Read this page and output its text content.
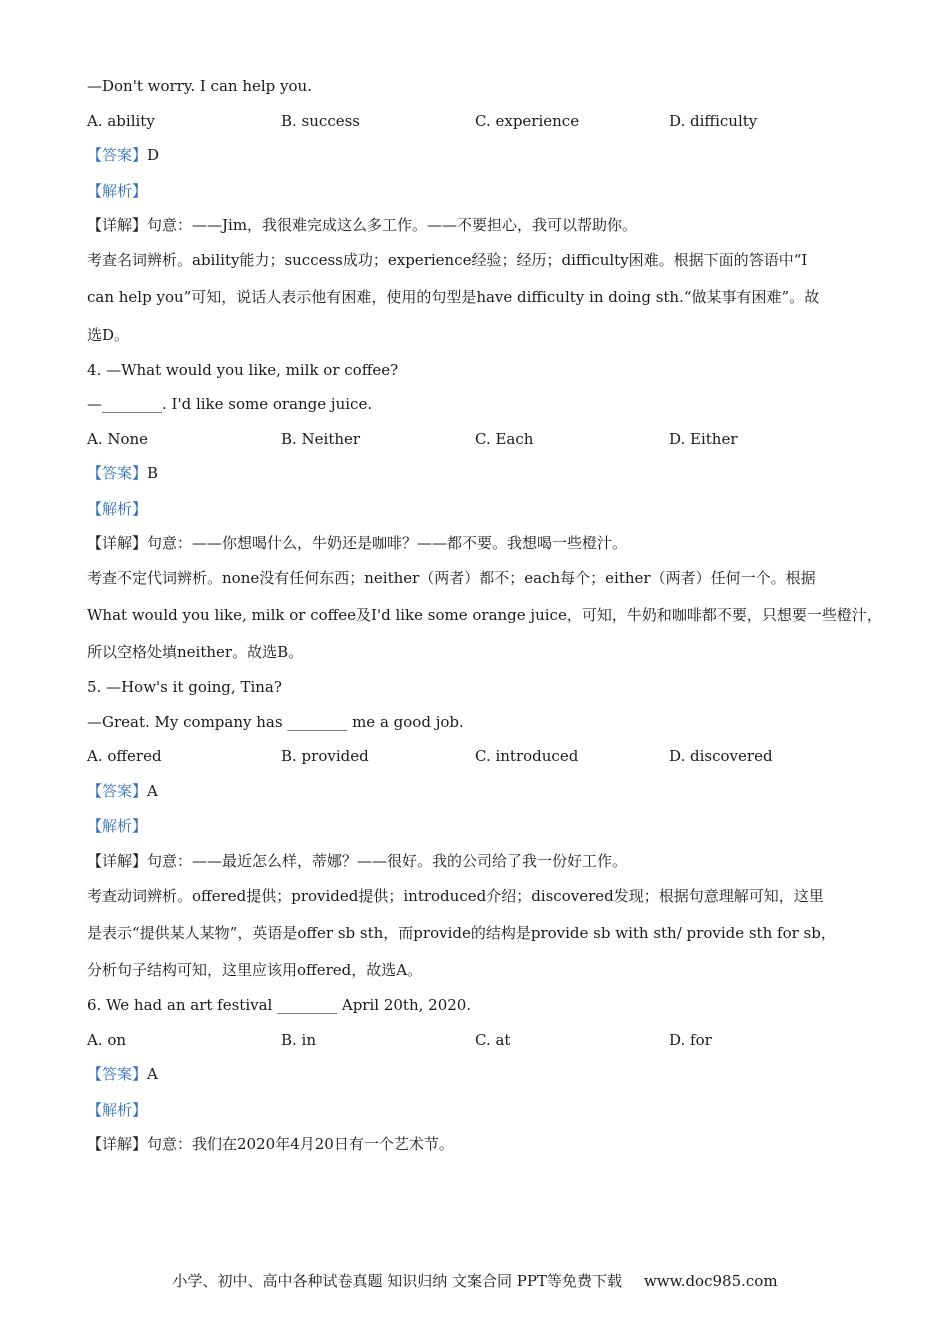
—Don't worry. I can help you.
A. ability	B. success	C. experience	D. difficulty
【答案】D
【解析】
【详解】句意：——Jim，我很难完成这么多工作。——不要担心，我可以帮助你。
考查名词辨析。ability能力；success成功；experience经验；经历；difficulty困难。根据下面的答语中“I
can help you”可知，说话人表示他有困难，使用的句型是have difficulty in doing sth.“做某事有困难”。故
选D。
4. —What would you like, milk or coffee?
—________. I'd like some orange juice.
A. None	B. Neither	C. Each	D. Either
【答案】B
【解析】
【详解】句意：——你想喝什么，牛奶还是咖啡？——都不要。我想喝一些橙汁。
考查不定代词辨析。none没有任何东西；neither（两者）都不；each每个；either（两者）任何一个。根据
What would you like, milk or coffee及I'd like some orange juice，可知，牛奶和咖啡都不要，只想要一些橙汁，
所以空格处填neither。故选B。
5. —How's it going, Tina?
—Great. My company has ________ me a good job.
A. offered	B. provided	C. introduced	D. discovered
【答案】A
【解析】
【详解】句意：——最近怎么样，蒂娜？——很好。我的公司给了我一份好工作。
考查动词辨析。offered提供；provided提供；introduced介绍；discovered发现；根据句意理解可知，这里
是表示“提供某人某物”，英语是offer sb sth，而provide的结构是provide sb with sth/ provide sth for sb，
分析句子结构可知，这里应该用offered，故选A。
6. We had an art festival ________ April 20th, 2020.
A. on	B. in	C. at	D. for
【答案】A
【解析】
【详解】句意：我们在2020年4月20日有一个艺术节。
小学、初中、高中各种试卷真题 知识归纳 文案合同 PPT等免费下载 www.doc985.com
